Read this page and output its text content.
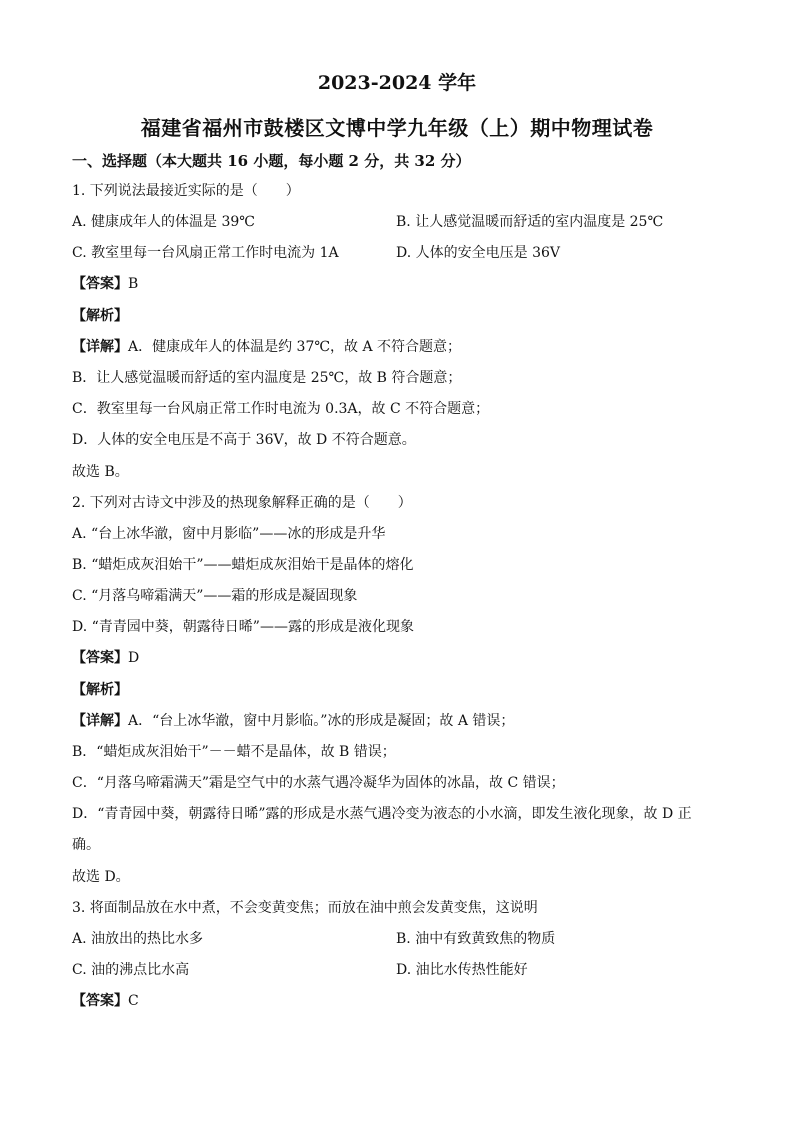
2023-2024 学年
福建省福州市鼓楼区文博中学九年级（上）期中物理试卷
一、选择题（本大题共 16 小题，每小题 2 分，共 32 分）
1. 下列说法最接近实际的是（　　）
A. 健康成年人的体温是 39℃	B. 让人感觉温暖而舒适的室内温度是 25℃
C. 教室里每一台风扇正常工作时电流为 1A	D. 人体的安全电压是 36V
【答案】B
【解析】
【详解】A．健康成年人的体温是约 37℃，故 A 不符合题意；
B．让人感觉温暖而舒适的室内温度是 25℃，故 B 符合题意；
C．教室里每一台风扇正常工作时电流为 0.3A，故 C 不符合题意；
D．人体的安全电压是不高于 36V，故 D 不符合题意。
故选 B。
2. 下列对古诗文中涉及的热现象解释正确的是（　　）
A. “台上冰华澈，窗中月影临”——冰的形成是升华
B. “蜡炬成灰泪始干”——蜡炬成灰泪始干是晶体的熔化
C. “月落乌啼霜满天”——霜的形成是凝固现象
D. “青青园中葵，朝露待日晞”——露的形成是液化现象
【答案】D
【解析】
【详解】A．“台上冰华澈，窗中月影临。”冰的形成是凝固；故 A 错误；
B．“蜡炬成灰泪始干”－－蜡不是晶体，故 B 错误；
C．“月落乌啼霜满天”霜是空气中的水蒸气遇冷凝华为固体的冰晶，故 C 错误；
D．“青青园中葵，朝露待日晞”露的形成是水蒸气遇冷变为液态的小水滴，即发生液化现象，故 D 正
确。
故选 D。
3. 将面制品放在水中煮，不会变黄变焦；而放在油中煎会发黄变焦，这说明
A. 油放出的热比水多	B. 油中有致黄致焦的物质
C. 油的沸点比水高	D. 油比水传热性能好
【答案】C
